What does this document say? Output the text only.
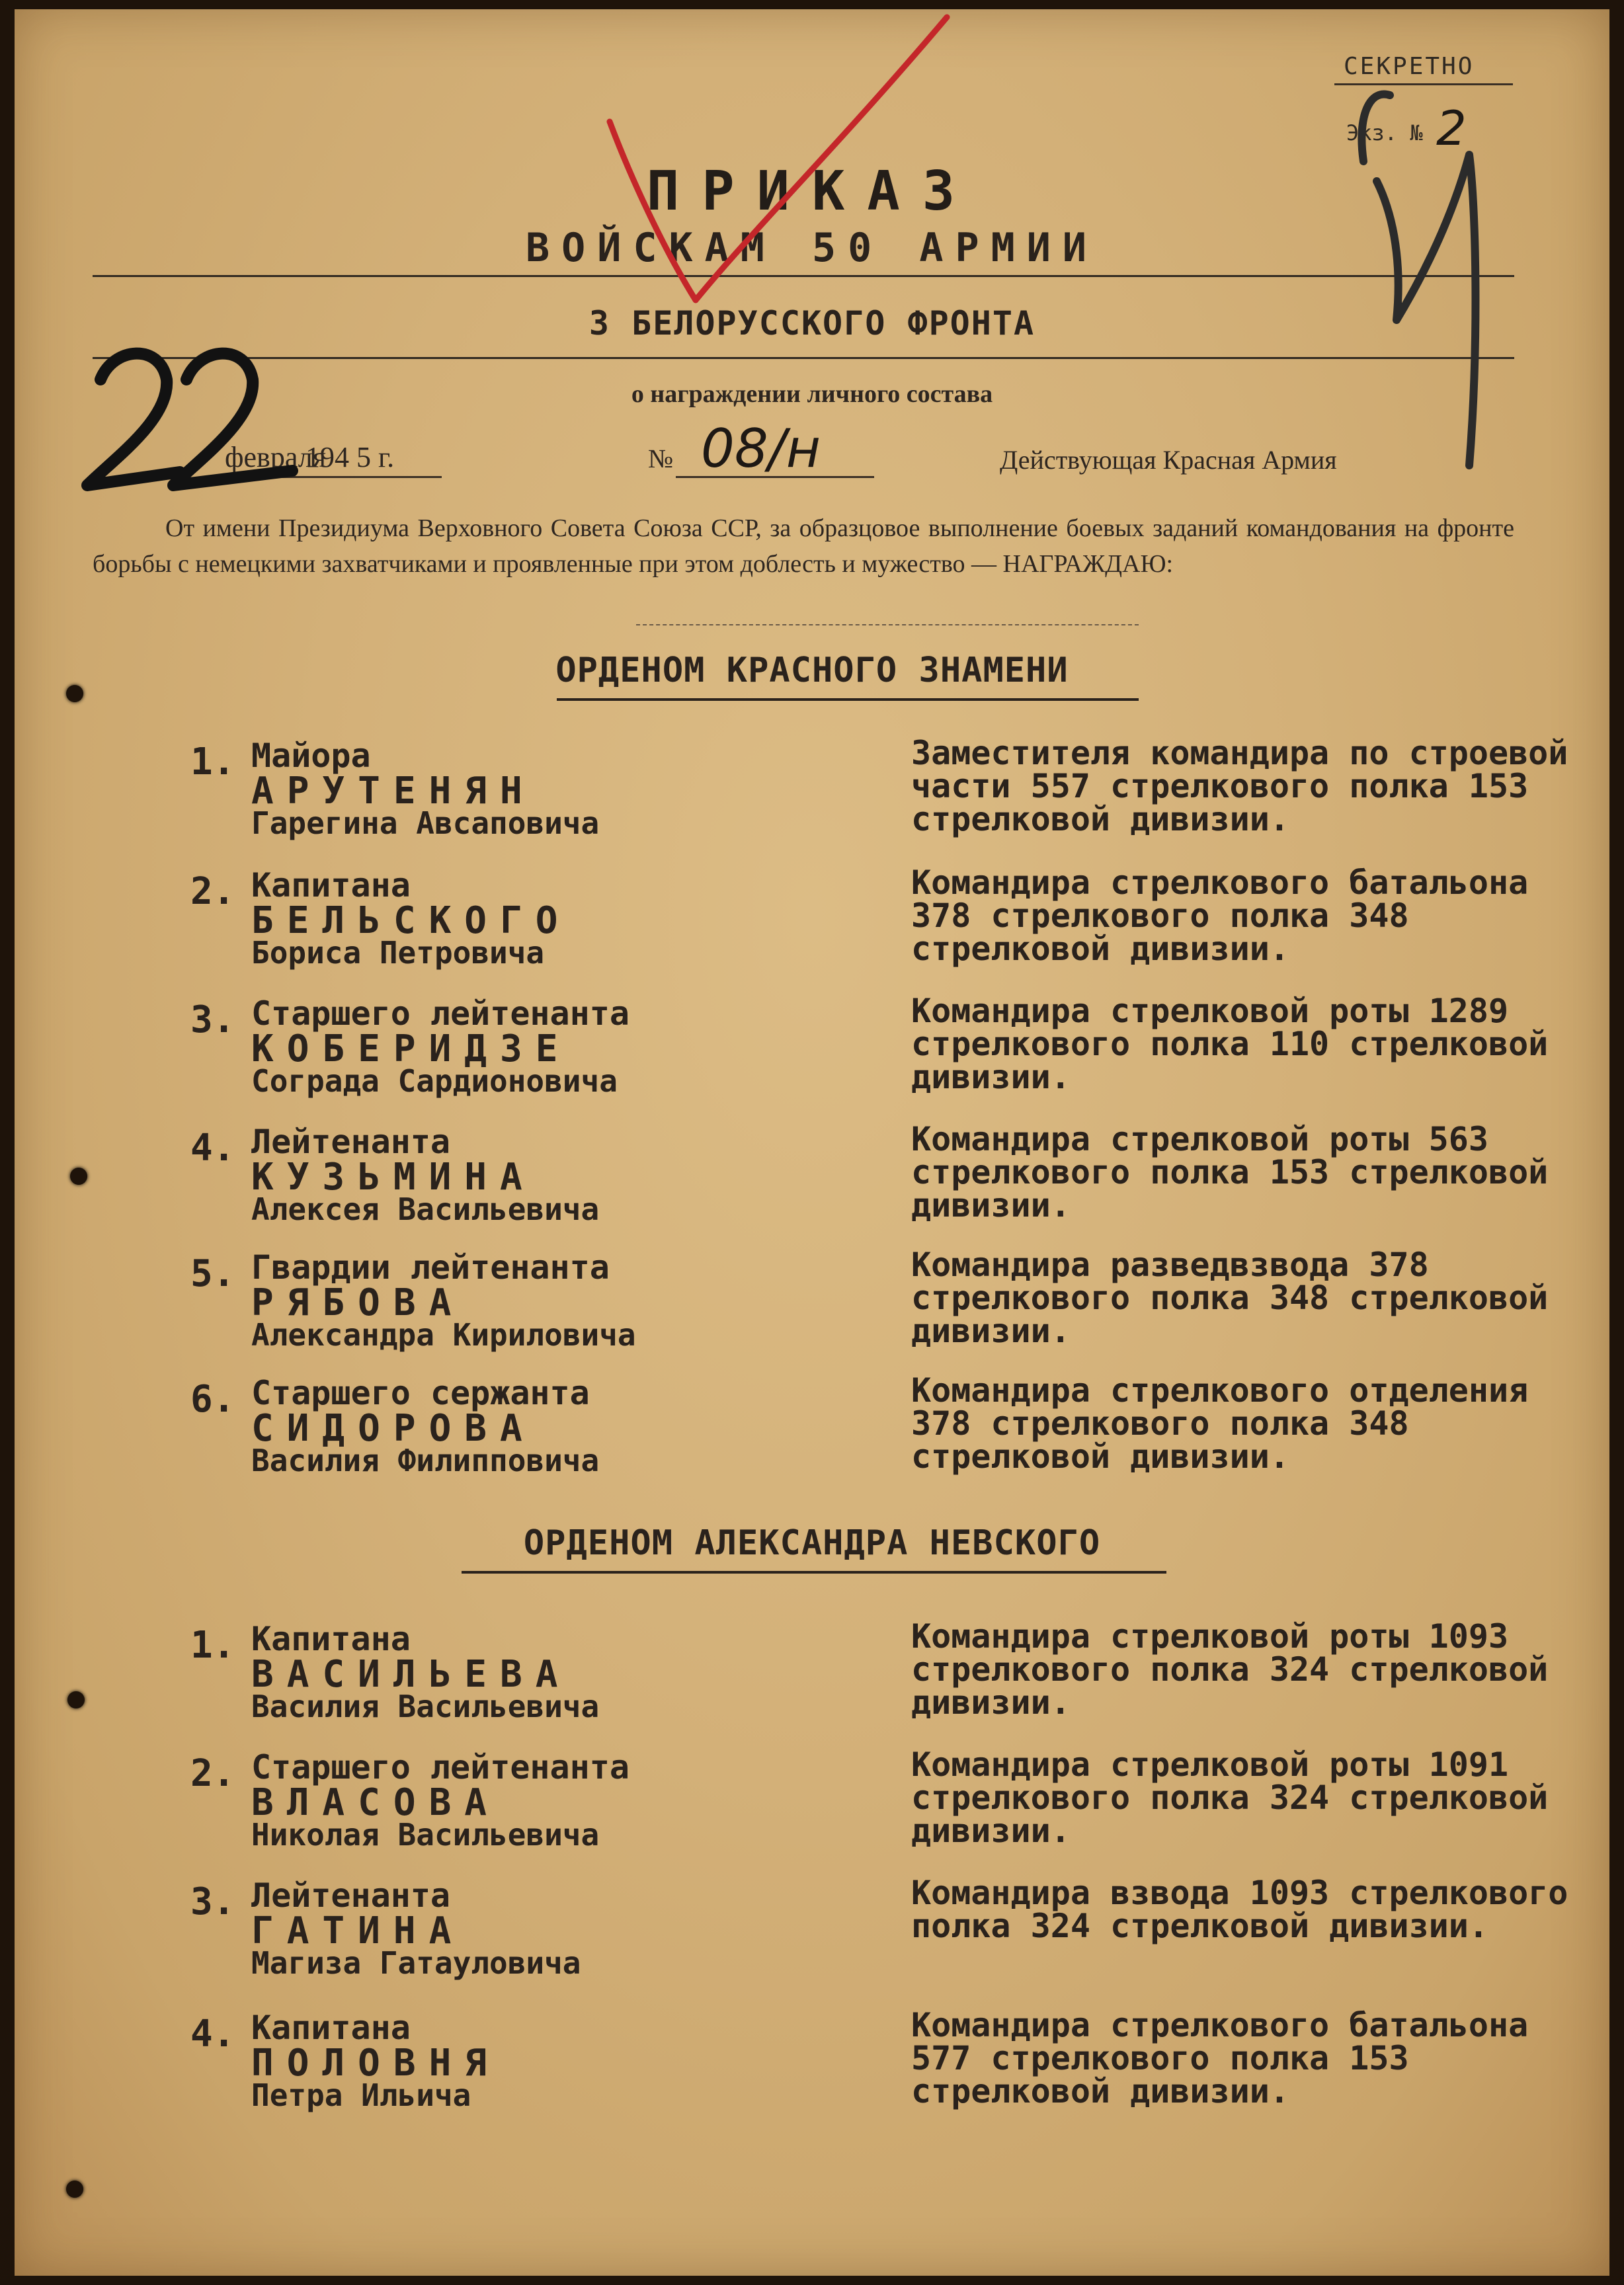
СЕКРЕТНО
Экз. № 2
ПРИКАЗ
ВОЙСКАМ 50 АРМИИ
3 БЕЛОРУССКОГО ФРОНТА
о награждении личного состава
февраля
194 5 г.	№ 08/н	Действующая Красная Армия
От имени Президиума Верховного Совета Союза ССР, за образцовое выполнение боевых заданий командования на фронте борьбы с немецкими захватчиками и проявленные при этом доблесть и мужество — НАГРАЖДАЮ:
ОРДЕНОМ КРАСНОГО ЗНАМЕНИ
1. Майора
АРУТЕНЯН
Гарегина Авсаповича
Заместителя командира по строевой части 557 стрелкового полка 153 стрелковой дивизии.
2. Капитана
БЕЛЬСКОГО
Бориса Петровича
Командира стрелкового батальона 378 стрелкового полка 348 стрелковой дивизии.
3. Старшего лейтенанта
КОБЕРИДЗЕ
Сограда Сардионовича
Командира стрелковой роты 1289 стрелкового полка 110 стрелковой дивизии.
4. Лейтенанта
КУЗЬМИНА
Алексея Васильевича
Командира стрелковой роты 563 стрелкового полка 153 стрелковой дивизии.
5. Гвардии лейтенанта
РЯБОВА
Александра Кириловича
Командира разведвзвода 378 стрелкового полка 348 стрелковой дивизии.
6. Старшего сержанта
СИДОРОВА
Василия Филипповича
Командира стрелкового отделения 378 стрелкового полка 348 стрелковой дивизии.
ОРДЕНОМ АЛЕКСАНДРА НЕВСКОГО
1. Капитана
ВАСИЛЬЕВА
Василия Васильевича
Командира стрелковой роты 1093 стрелкового полка 324 стрелковой дивизии.
2. Старшего лейтенанта
ВЛАСОВА
Николая Васильевича
Командира стрелковой роты 1091 стрелкового полка 324 стрелковой дивизии.
3. Лейтенанта
ГАТИНА
Магиза Гатауловича
Командира взвода 1093 стрелкового полка 324 стрелковой дивизии.
4. Капитана
ПОЛОВНЯ
Петра Ильича
Командира стрелкового батальона 577 стрелкового полка 153 стрелковой дивизии.
